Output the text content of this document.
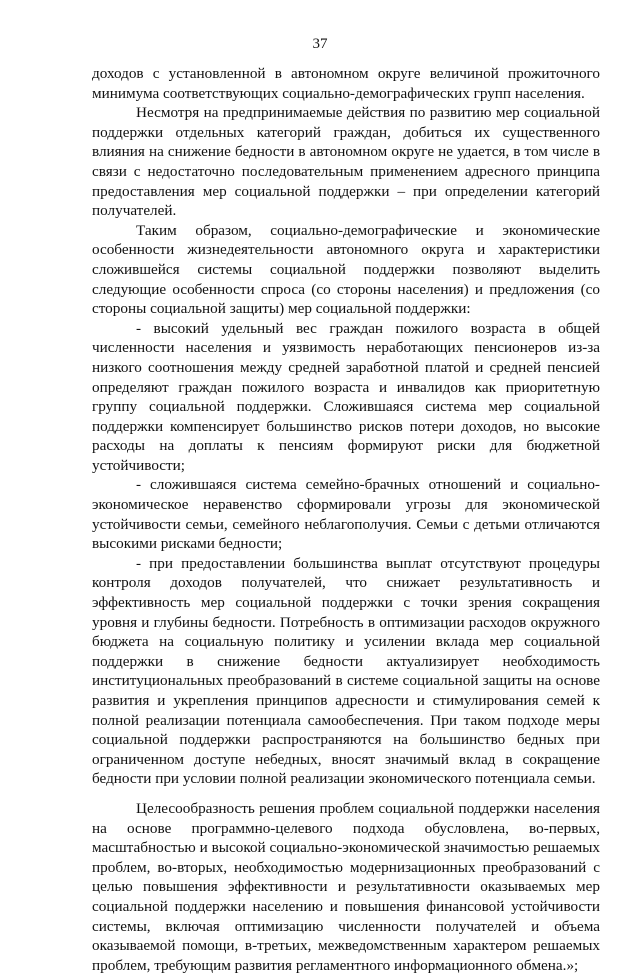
37

доходов с установленной в автономном округе величиной прожиточного минимума соответствующих социально-демографических групп населения.

Несмотря на предпринимаемые действия по развитию мер социальной поддержки отдельных категорий граждан, добиться их существенного влияния на снижение бедности в автономном округе не удается, в том числе в связи с недостаточно последовательным применением адресного принципа предоставления мер социальной поддержки – при определении категорий получателей.

Таким образом, социально-демографические и экономические особенности жизнедеятельности автономного округа и характеристики сложившейся системы социальной поддержки позволяют выделить следующие особенности спроса (со стороны населения) и предложения (со стороны социальной защиты) мер социальной поддержки:

- высокий удельный вес граждан пожилого возраста в общей численности населения и уязвимость неработающих пенсионеров из-за низкого соотношения между средней заработной платой и средней пенсией определяют граждан пожилого возраста и инвалидов как приоритетную группу социальной поддержки. Сложившаяся система мер социальной поддержки компенсирует большинство рисков потери доходов, но высокие расходы на доплаты к пенсиям формируют риски для бюджетной устойчивости;

- сложившаяся система семейно-брачных отношений и социально-экономическое неравенство сформировали угрозы для экономической устойчивости семьи, семейного неблагополучия. Семьи с детьми отличаются высокими рисками бедности;

- при предоставлении большинства выплат отсутствуют процедуры контроля доходов получателей, что снижает результативность и эффективность мер социальной поддержки с точки зрения сокращения уровня и глубины бедности. Потребность в оптимизации расходов окружного бюджета на социальную политику и усилении вклада мер социальной поддержки в снижение бедности актуализирует необходимость институциональных преобразований в системе социальной защиты на основе развития и укрепления принципов адресности и стимулирования семей к полной реализации потенциала самообеспечения. При таком подходе меры социальной поддержки распространяются на большинство бедных при ограниченном доступе небедных, вносят значимый вклад в сокращение бедности при условии полной реализации экономического потенциала семьи.

Целесообразность решения проблем социальной поддержки населения на основе программно-целевого подхода обусловлена, во-первых, масштабностью и высокой социально-экономической значимостью решаемых проблем, во-вторых, необходимостью модернизационных преобразований с целью повышения эффективности и результативности оказываемых мер социальной поддержки населению и повышения финансовой устойчивости системы, включая оптимизацию численности получателей и объема оказываемой помощи, в-третьих, межведомственным характером решаемых проблем, требующим развития регламентного информационного обмена.»;
